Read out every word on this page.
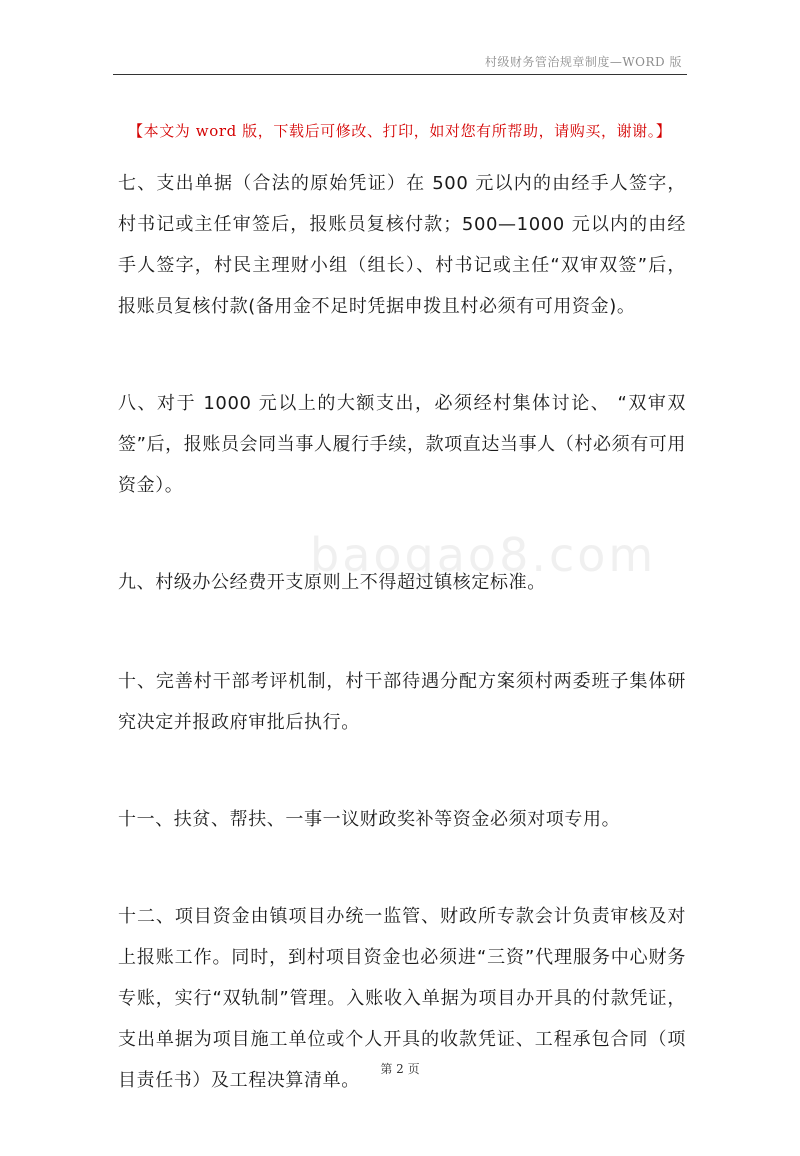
村级财务管治规章制度—WORD 版
【本文为 word 版，下载后可修改、打印，如对您有所帮助，请购买，谢谢。】
baogao8.com

七、支出单据（合法的原始凭证）在 500 元以内的由经手人签字，村书记或主任审签后，报账员复核付款；500—1000 元以内的由经手人签字，村民主理财小组（组长）、村书记或主任“双审双签”后，报账员复核付款(备用金不足时凭据申拨且村必须有可用资金)。

八、对于 1000 元以上的大额支出，必须经村集体讨论、 “双审双签”后，报账员会同当事人履行手续，款项直达当事人（村必须有可用资金）。

九、村级办公经费开支原则上不得超过镇核定标准。

十、完善村干部考评机制，村干部待遇分配方案须村两委班子集体研究决定并报政府审批后执行。

十一、扶贫、帮扶、一事一议财政奖补等资金必须对项专用。

十二、项目资金由镇项目办统一监管、财政所专款会计负责审核及对上报账工作。同时，到村项目资金也必须进“三资”代理服务中心财务专账，实行“双轨制”管理。入账收入单据为项目办开具的付款凭证，支出单据为项目施工单位或个人开具的收款凭证、工程承包合同（项目责任书）及工程决算清单。

第 2 页
